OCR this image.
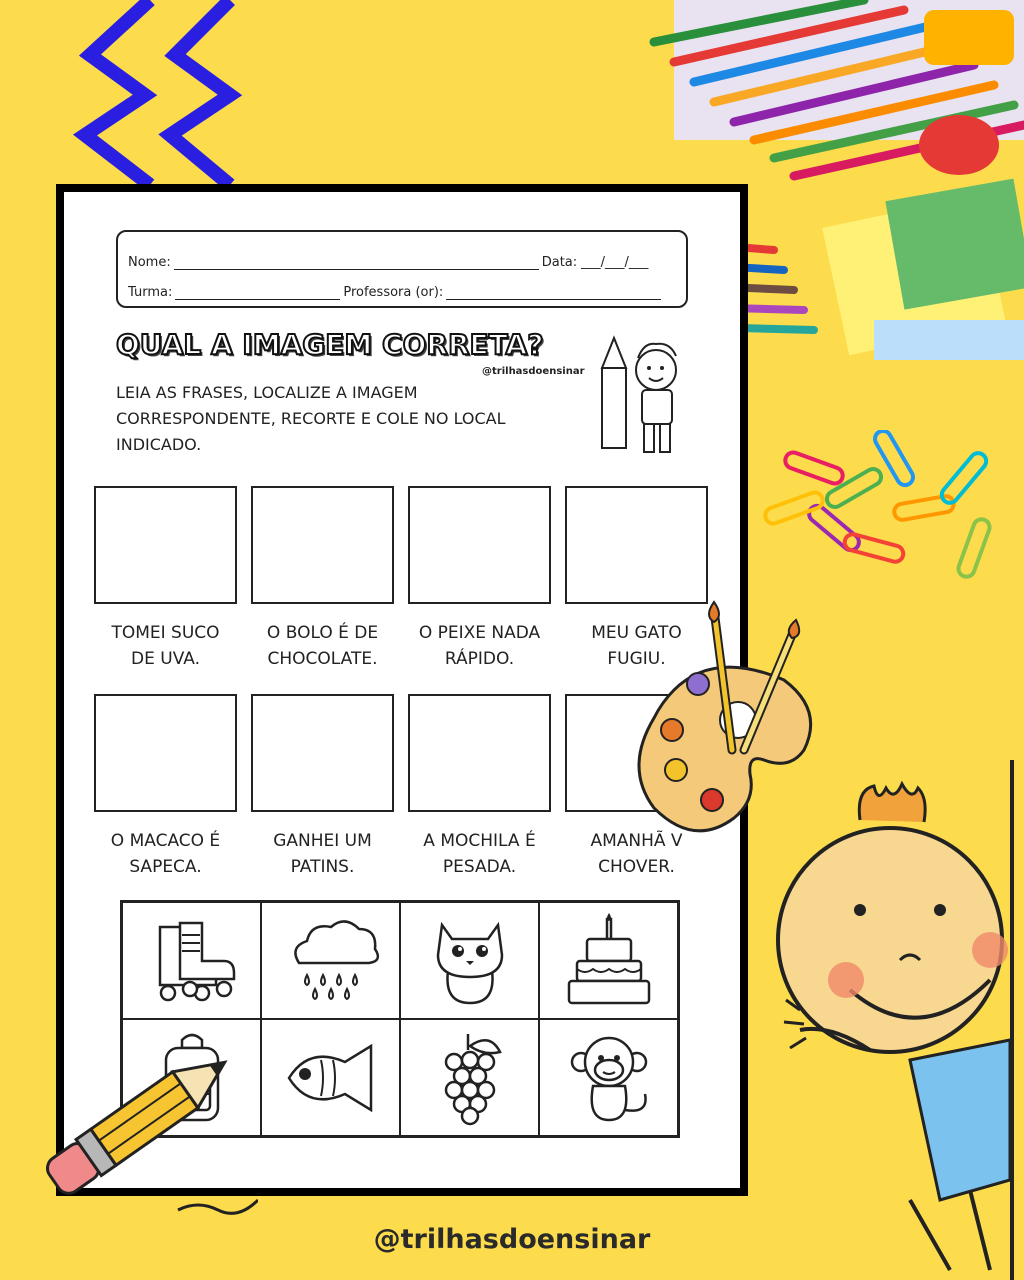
Nome:	Data: ___/___/___
Turma:	Professora (or):
QUAL A IMAGEM CORRETA?
@trilhasdoensinar
LEIA AS FRASES, LOCALIZE A IMAGEM
CORRESPONDENTE, RECORTE E COLE NO LOCAL
INDICADO.
TOMEI SUCO
DE UVA.
O BOLO É DE
CHOCOLATE.
O PEIXE NADA
RÁPIDO.
MEU GATO
FUGIU.
O MACACO É
SAPECA.
GANHEI UM
PATINS.
A MOCHILA É
PESADA.
AMANHÃ V
CHOVER.
@trilhasdoensinar
